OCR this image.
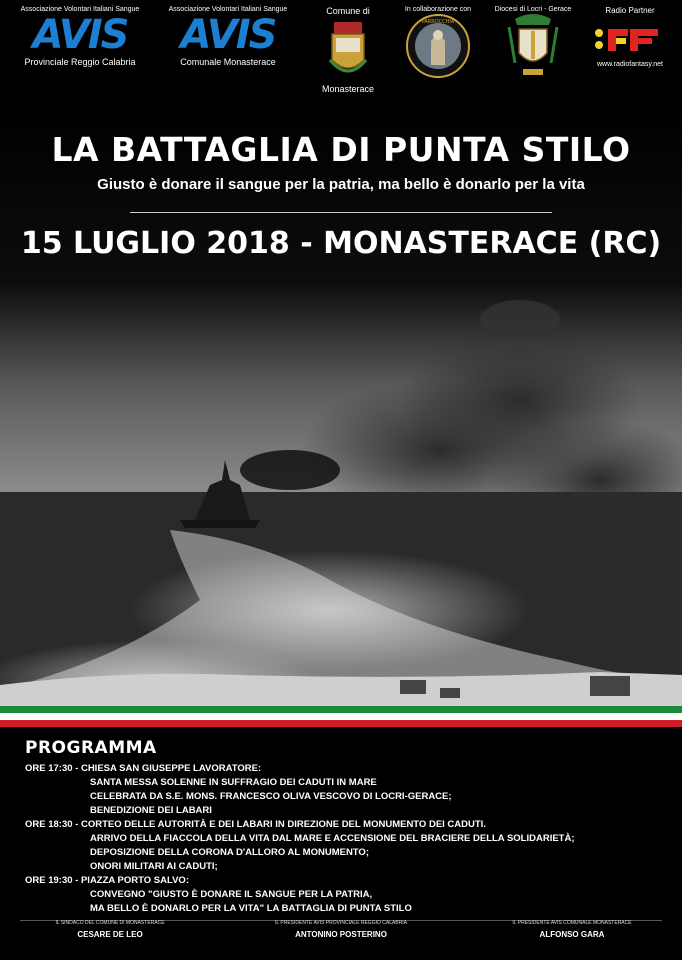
Associazione Volontari Italiani Sangue
AVIS
Provinciale Reggio Calabria
Associazione Volontari Italiani Sangue
AVIS
Comunale Monasterace
Comune di
Monasterace
In collaborazione con
PARROCCHIA
Diocesi di Locri - Gerace	Radio Partner
www.radiofantasy.net
LA BATTAGLIA DI PUNTA STILO
Giusto è donare il sangue per la patria, ma bello è donarlo per la vita
15 LUGLIO 2018 - MONASTERACE (RC)
PROGRAMMA
ORE 17:30 - CHIESA SAN GIUSEPPE LAVORATORE:
SANTA MESSA SOLENNE IN SUFFRAGIO DEI CADUTI IN MARE
CELEBRATA DA S.E. MONS. FRANCESCO OLIVA VESCOVO DI LOCRI-GERACE;
BENEDIZIONE DEI LABARI
ORE 18:30 - CORTEO DELLE AUTORITÀ E DEI LABARI IN DIREZIONE DEL MONUMENTO DEI CADUTI.
ARRIVO DELLA FIACCOLA DELLA VITA DAL MARE E ACCENSIONE DEL BRACIERE DELLA SOLIDARIETÀ;
DEPOSIZIONE DELLA CORONA D'ALLORO AL MONUMENTO;
ONORI MILITARI AI CADUTI;
ORE 19:30 - PIAZZA PORTO SALVO:
CONVEGNO "GIUSTO È DONARE IL SANGUE PER LA PATRIA,
MA BELLO È DONARLO PER LA VITA" LA BATTAGLIA DI PUNTA STILO
IL SINDACO DEL COMUNE DI MONASTERACE
CESARE DE LEO
IL PRESIDENTE AVIS PROVINCIALE REGGIO CALABRIA
ANTONINO POSTERINO
IL PRESIDENTE AVIS COMUNALE MONASTERACE
ALFONSO GARA
